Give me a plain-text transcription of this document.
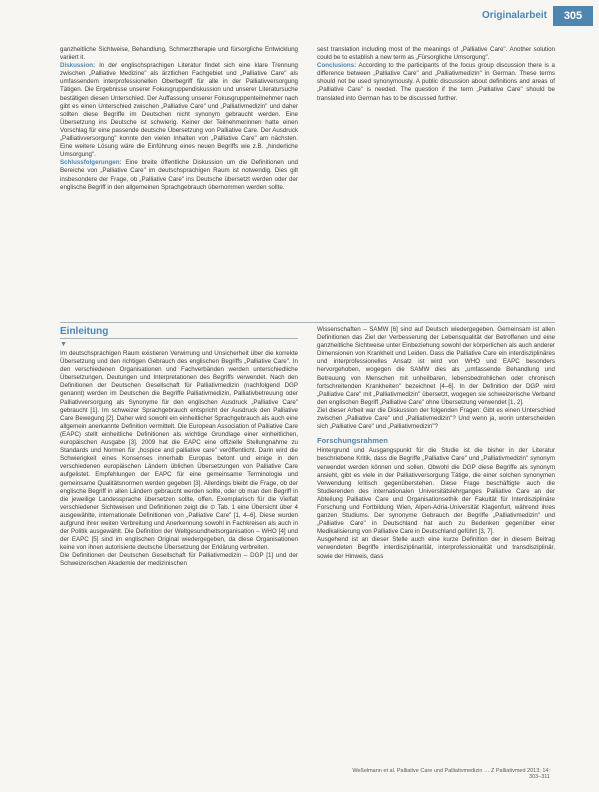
Originalarbeit	305

ganzheitliche Sichtweise, Behandlung, Schmerztherapie und fürsorgliche Entwicklung variiert it.

Diskussion: In der englischsprachigen Literatur findet sich eine klare Trennung zwischen „Palliative Medizine" als ärztlichen Fachgebiet und „Palliative Care" als umfassendem interprofessionellen Oberbegriff für alle in der Palliativversorgung Tätigen. Die Ergebnisse unserer Fokusgruppendiskussion und unserer Literatursuche bestätigen diesen Unterschied. Der Auffassung unserer Fokusgruppenteilnehmer nach gibt es einen Unterschied zwischen „Palliative Care" und „Palliativmedizin" und daher sollten diese Begriffe im Deutschen nicht synonym gebraucht werden. Eine Übersetzung ins Deutsche ist schwierig. Keiner der Teilnehmerinnen hatte einen Vorschlag für eine passende deutsche Übersetzung von Palliative Care. Der Ausdruck „Palliativversorgung" konnte den vielen Inhalten von „Palliative Care" am nächsten. Eine weitere Lösung wäre die Einführung eines neuen Begriffs wie z.B. „hinderliche Umsorgung".

Schlussfolgerungen: Eine breite öffentliche Diskussion um die Definitionen und Bereiche von „Palliative Care" im deutschsprachigen Raum ist notwendig. Dies gilt insbesondere der Frage, ob „Palliative Care" ins Deutsche übersetzt werden oder der englische Begriff in den allgemeinen Sprachgebrauch übernommen werden sollte.

sest translation including most of the meanings of „Palliative Care". Another solution could be to establish a new term as „Fürsorgliche Umsorgung".

Conclusions: According to the participants of the focus group discussion there is a difference between „Palliative Care" and „Palliativmedizin" in German. These terms should not be used synonymously. A public discussion about definitions and areas of „Palliative Care" is needed. The question if the term „Palliative Care" should be translated into German has to be discussed further.

Einleitung
▼

Im deutschsprachigen Raum existieren Verwirrung und Unsicherheit über die korrekte Übersetzung und den richtigen Gebrauch des englischen Begriffs „Palliative Care". In den verschiedenen Organisationen und Fachverbänden werden unterschiedliche Übersetzungen, Deutungen und Interpretationen des Begriffs verwendet. Nach den Definitionen der Deutschen Gesellschaft für Palliativmedizin (nachfolgend DGP genannt) werden im Deutschen die Begriffe Palliativmedizin, Palliativbetreuung oder Palliativversorgung als Synonyme für den englischen Ausdruck „Palliative Care" gebraucht [1]. Im schweizer Sprachgebrauch entspricht der Ausdruck den Palliative Care Bewegung [2]. Daher wird sowohl ein einheitlicher Sprachgebrauch als auch eine allgemein anerkannte Definition vermittelt. Die European Association of Palliative Care (EAPC) stellt einheitliche Definitionen als wichtige Grundlage einer einheitlichen, europäischen Ausgabe [3]. 2009 hat die EAPC eine offizielle Stellungnahme zu Standards und Normen für „hospice and palliative care" veröffentlicht. Darin wird die Schwierigkeit eines Konsenses innerhalb Europas betont und einige in den verschiedenen europäischen Ländern üblichen Übersetzungen von Palliative Care aufgelistet. Empfehlungen der EAPC für eine gemeinsame Terminologie und gemeinsame Qualitätsnormen werden gegeben [3]. Allerdings bleibt die Frage, ob der englische Begriff in allen Ländern gebraucht werden sollte, oder ob man den Begriff in die jeweilige Landessprache übersetzen sollte, offen. Exemplarisch für die Vielfalt verschiedener Sichtweisen und Definitionen zeigt die ⊙ Tab. 1 eine Übersicht über 4 ausgewählte, internationale Definitionen von „Palliative Care" [1, 4–6]. Diese wurden aufgrund ihrer weiten Verbreitung und Anerkennung sowohl in Fachkreisen als auch in der Politik ausgewählt. Die Definition der Weltgesundheitsorganisation – WHO [4] und der EAPC [5] sind im englischen Original wiedergegeben, da diese Organisationen keine von ihnen autorisierte deutsche Übersetzung der Erklärung verbreiten.

Die Definitionen der Deutschen Gesellschaft für Palliativmedizin – DGP [1] und der Schweizerischen Akademie der medizinischen

Wissenschaften – SAMW [6] sind auf Deutsch wiedergegeben. Gemeinsam ist allen Definitionen das Ziel der Verbesserung der Lebensqualität der Betroffenen und eine ganzheitliche Sichtweise unter Einbeziehung sowohl der körperlichen als auch anderer Dimensionen von Krankheit und Leiden. Dass die Palliative Care ein interdisziplinäres und interprofessionelles Ansatz ist wird von WHO und EAPC besonders hervorgehoben, wogegen die SAMW dies als „umfassende Behandlung und Betreuung von Menschen mit unheilbaren, lebensbedrohlichen oder chronisch fortschreitenden Krankheiten" bezeichnet [4–6]. In der Definition der DGP wird „Palliative Care" mit „Palliativmedizin" übersetzt, wogegen sie schweizerische Verband den englischen Begriff „Palliative Care" ohne Übersetzung verwendet [1, 2].

Ziel dieser Arbeit war die Diskussion der folgenden Fragen: Gibt es einen Unterschied zwischen „Palliative Care" und „Palliativmedizin"? Und wenn ja, worin unterscheiden sich „Palliative Care" und „Palliativmedizin"?

Forschungsrahmen

Hintergrund und Ausgangspunkt für die Studie ist die bisher in der Literatur beschriebene Kritik, dass die Begriffe „Palliative Care" und „Palliativmedizin" synonym verwendet werden können und sollen. Obwohl die DGP diese Begriffe als synonym ansieht, gibt es viele in der Palliativversorgung Tätige, die einer solchen synonymen Verwendung kritisch gegenüberstehen. Diese Frage beschäftigte auch die Studierenden des internationalen Universitätslehrganges Palliative Care an der Abteilung Palliative Care und Organisationsethik der Fakultät für Interdisziplinäre Forschung und Fortbildung Wien, Alpen-Adria-Universität Klagenfurt, während ihres ganzen Studiums. Der synonyme Gebrauch der Begriffe „Palliativmedizin" und „Palliative Care" in Deutschland hat auch zu Bedenken gegenüber einer Medikalisierung von Palliative Care in Deutschland geführt [3, 7].

Ausgehend ist an dieser Stelle auch eine kurze Definition der in diesem Beitrag verwendeten Begriffe interdisziplinarität, interprofessionalität und transdisziplinär, sowie der Hinweis, dass

Weßelmann et al. Palliative Care und Palliativmedizin … Z Palliativmed 2013; 14: 303–311
